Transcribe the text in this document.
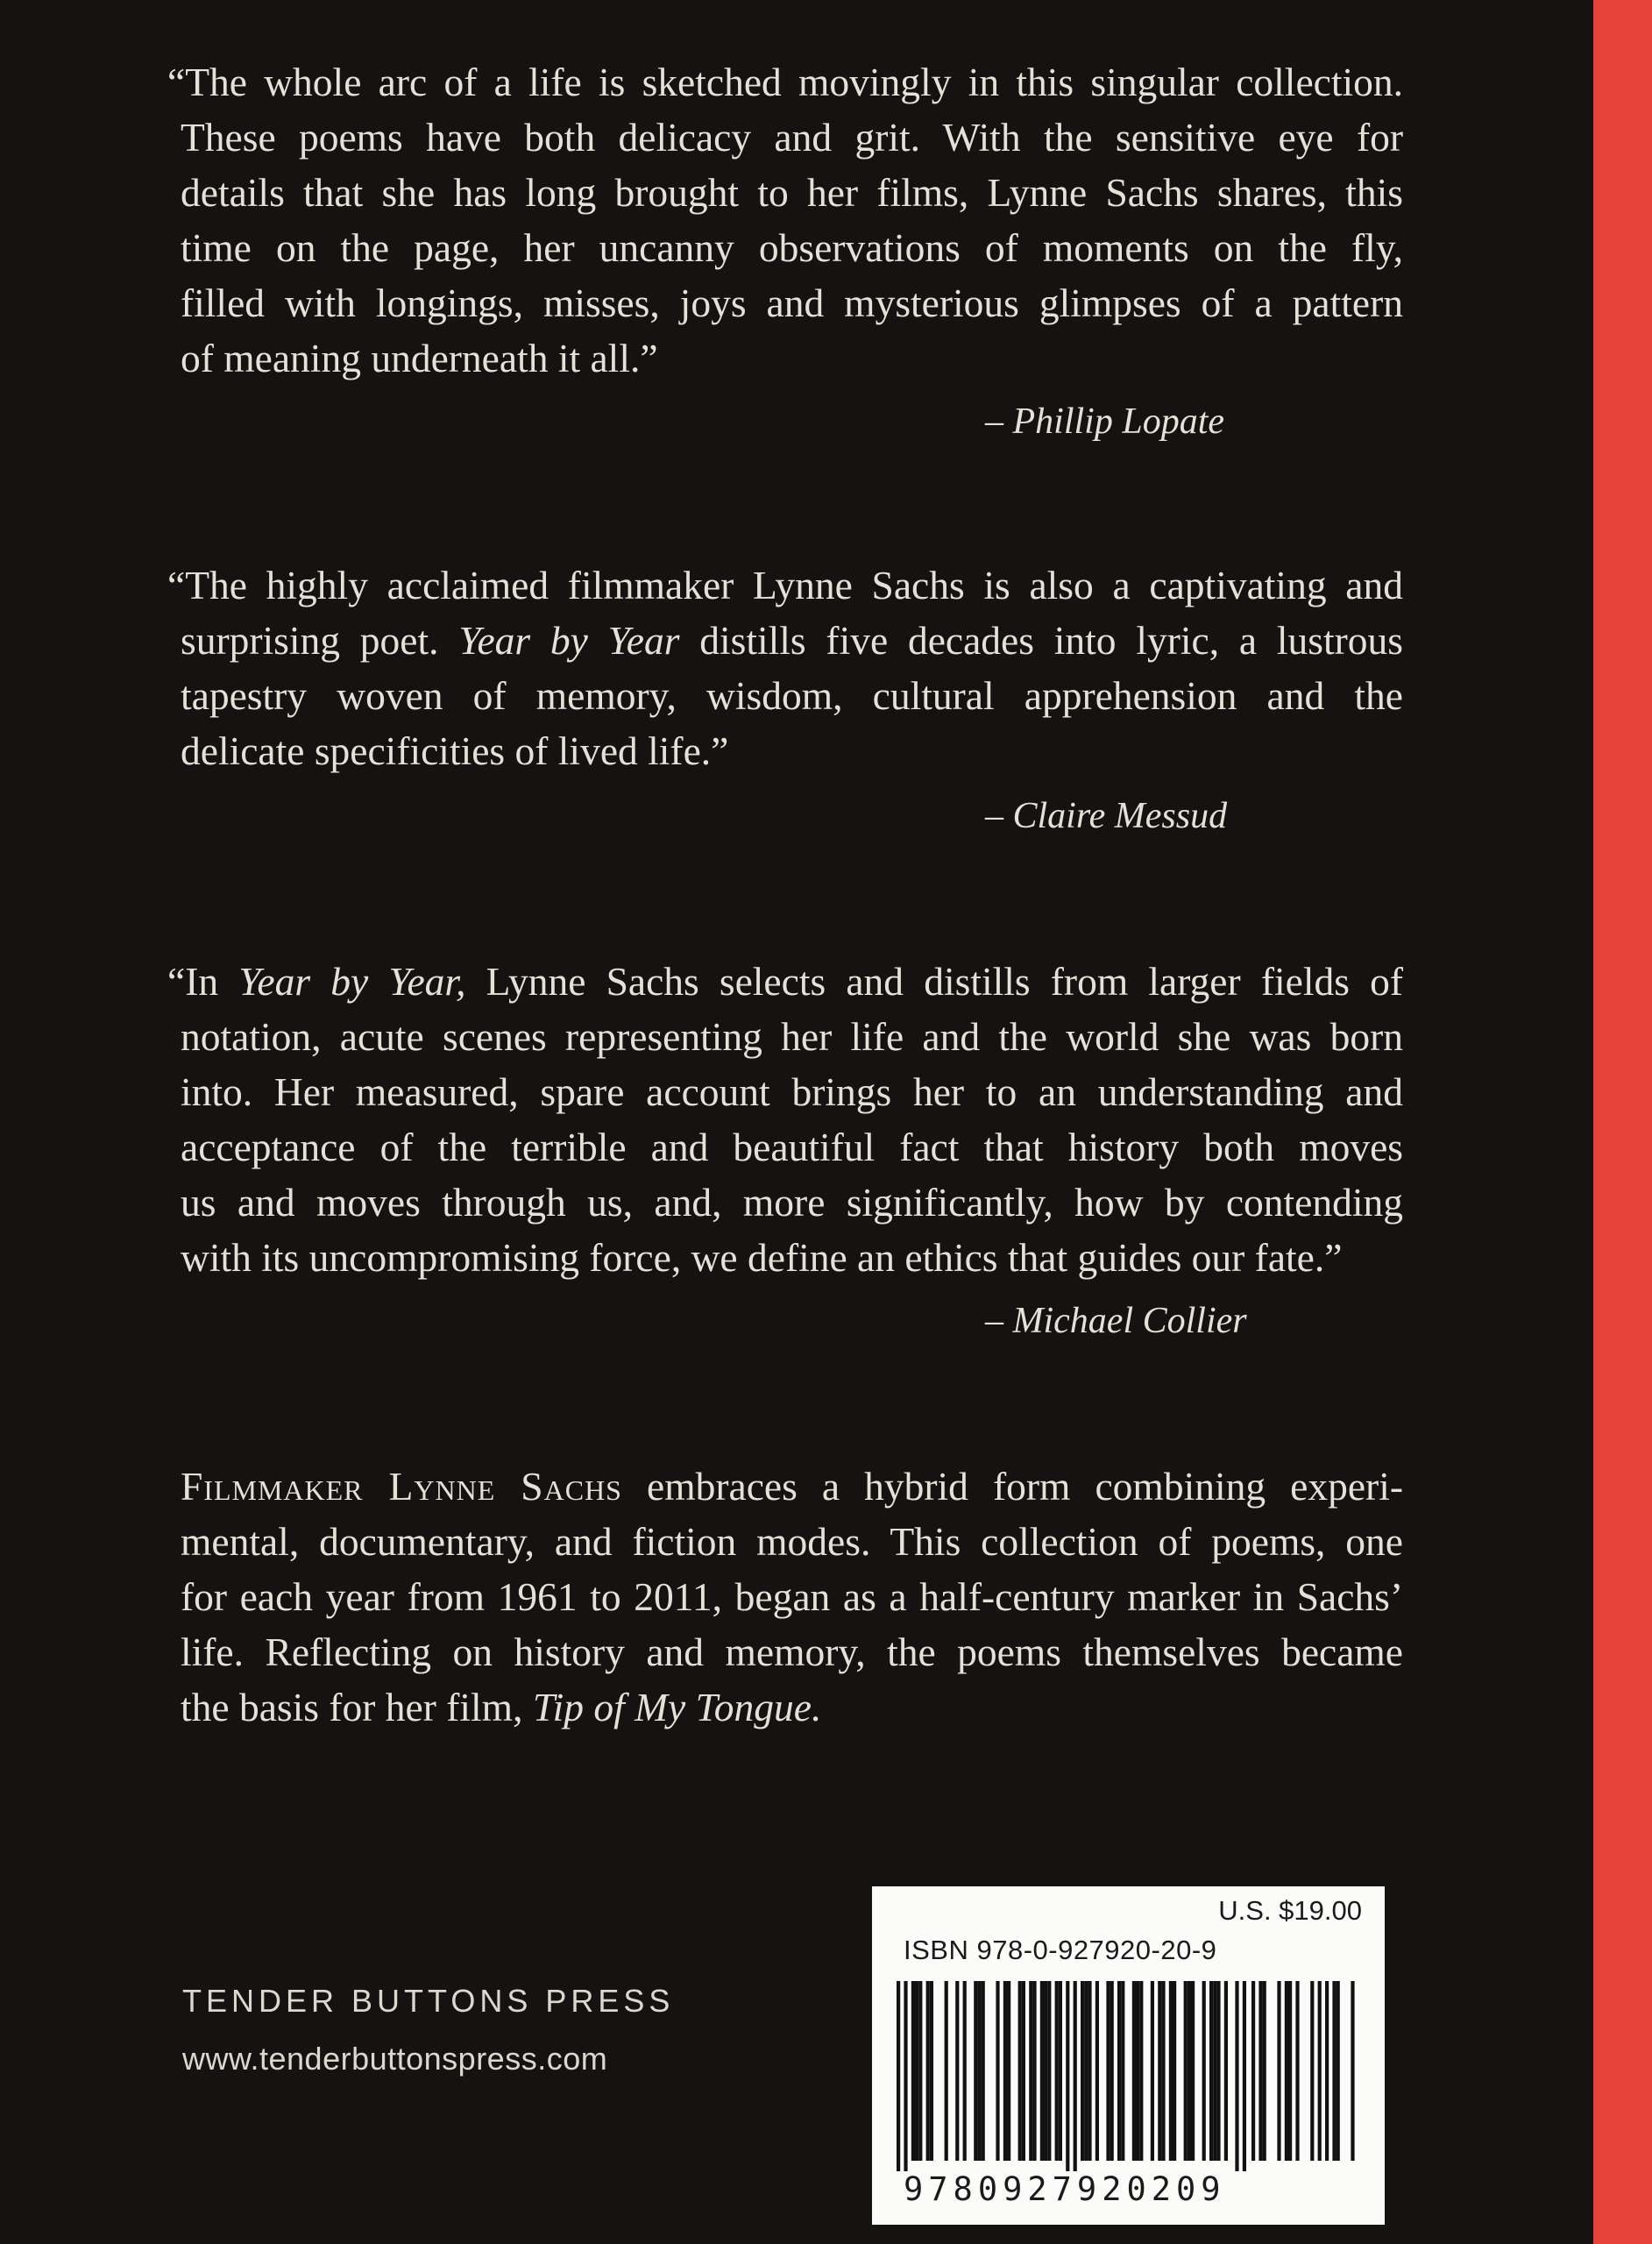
“The whole arc of a life is sketched movingly in this singular collection.
These poems have both delicacy and grit. With the sensitive eye for
details that she has long brought to her films, Lynne Sachs shares, this
time on the page, her uncanny observations of moments on the fly,
filled with longings, misses, joys and mysterious glimpses of a pattern
of meaning underneath it all.”

– Phillip Lopate

“The highly acclaimed filmmaker Lynne Sachs is also a captivating and
surprising poet. Year by Year distills five decades into lyric, a lustrous
tapestry woven of memory, wisdom, cultural apprehension and the
delicate specificities of lived life.”

– Claire Messud

“In Year by Year, Lynne Sachs selects and distills from larger fields of
notation, acute scenes representing her life and the world she was born
into. Her measured, spare account brings her to an understanding and
acceptance of the terrible and beautiful fact that history both moves
us and moves through us, and, more significantly, how by contending
with its uncompromising force, we define an ethics that guides our fate.”

– Michael Collier

Filmmaker Lynne Sachs embraces a hybrid form combining experi-
mental, documentary, and fiction modes. This collection of poems, one
for each year from 1961 to 2011, began as a half-century marker in Sachs’
life. Reflecting on history and memory, the poems themselves became
the basis for her film, Tip of My Tongue.

TENDER BUTTONS PRESS
www.tenderbuttonspress.com
U.S. $19.00
ISBN 978-0-927920-20-9
9780927920209
